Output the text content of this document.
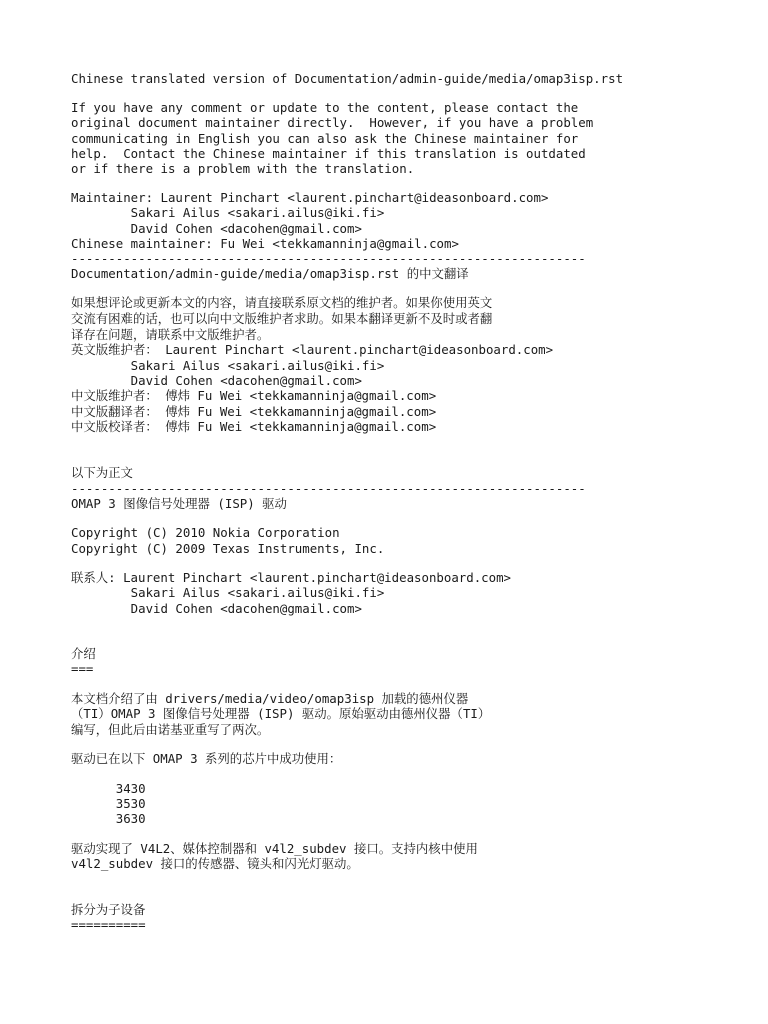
Chinese translated version of Documentation/admin-guide/media/omap3isp.rst
If you have any comment or update to the content, please contact the
original document maintainer directly.  However, if you have a problem
communicating in English you can also ask the Chinese maintainer for
help.  Contact the Chinese maintainer if this translation is outdated
or if there is a problem with the translation.
Maintainer: Laurent Pinchart <laurent.pinchart@ideasonboard.com>
Sakari Ailus <sakari.ailus@iki.fi>
David Cohen <dacohen@gmail.com>
Chinese maintainer: Fu Wei <tekkamanninja@gmail.com>
---------------------------------------------------------------------
Documentation/admin-guide/media/omap3isp.rst 的中文翻译
如果想评论或更新本文的内容，请直接联系原文档的维护者。如果你使用英文
交流有困难的话，也可以向中文版维护者求助。如果本翻译更新不及时或者翻
译存在问题，请联系中文版维护者。
英文版维护者： Laurent Pinchart <laurent.pinchart@ideasonboard.com>
Sakari Ailus <sakari.ailus@iki.fi>
David Cohen <dacohen@gmail.com>
中文版维护者： 傅炜 Fu Wei <tekkamanninja@gmail.com>
中文版翻译者： 傅炜 Fu Wei <tekkamanninja@gmail.com>
中文版校译者： 傅炜 Fu Wei <tekkamanninja@gmail.com>
以下为正文
---------------------------------------------------------------------
OMAP 3 图像信号处理器 (ISP) 驱动
Copyright (C) 2010 Nokia Corporation
Copyright (C) 2009 Texas Instruments, Inc.
联系人: Laurent Pinchart <laurent.pinchart@ideasonboard.com>
Sakari Ailus <sakari.ailus@iki.fi>
David Cohen <dacohen@gmail.com>
介绍
===
本文档介绍了由 drivers/media/video/omap3isp 加载的德州仪器
（TI）OMAP 3 图像信号处理器 (ISP) 驱动。原始驱动由德州仪器（TI）
编写，但此后由诺基亚重写了两次。
驱动已在以下 OMAP 3 系列的芯片中成功使用：
3430
3530
3630
驱动实现了 V4L2、媒体控制器和 v4l2_subdev 接口。支持内核中使用
v4l2_subdev 接口的传感器、镜头和闪光灯驱动。
拆分为子设备
==========
